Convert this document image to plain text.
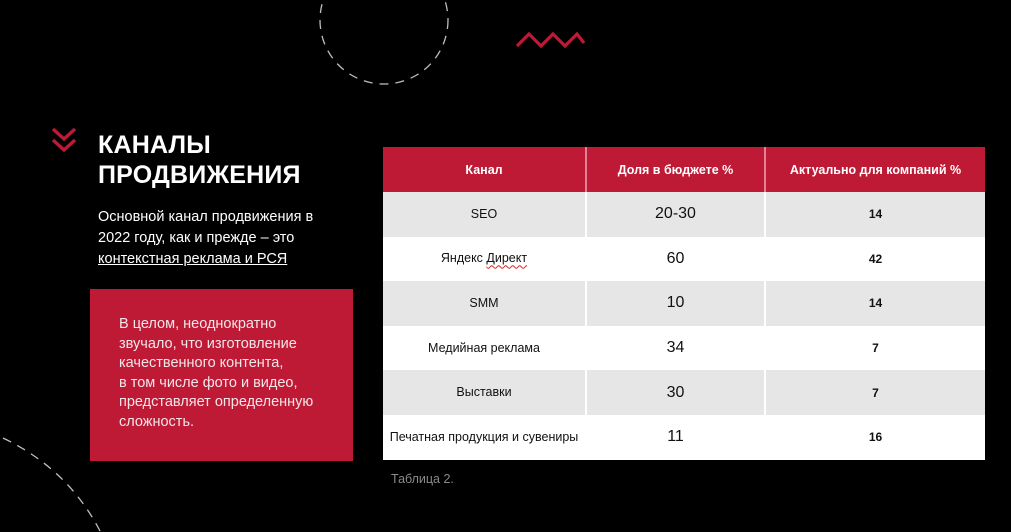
КАНАЛЫ
ПРОДВИЖЕНИЯ
Основной канал продвижения в 2022 году, как и прежде – это контекстная реклама и РСЯ
В целом, неоднократно
звучало, что изготовление
качественного контента,
в том числе фото и видео,
представляет определенную
сложность.
Канал	Доля в бюджете %	Актуально для компаний %
SEO	20-30	14
Яндекс Директ	60	42
SMM	10	14
Медийная реклама	34	7
Выставки	30	7
Печатная продукция и сувениры	11	16
Таблица 2.
